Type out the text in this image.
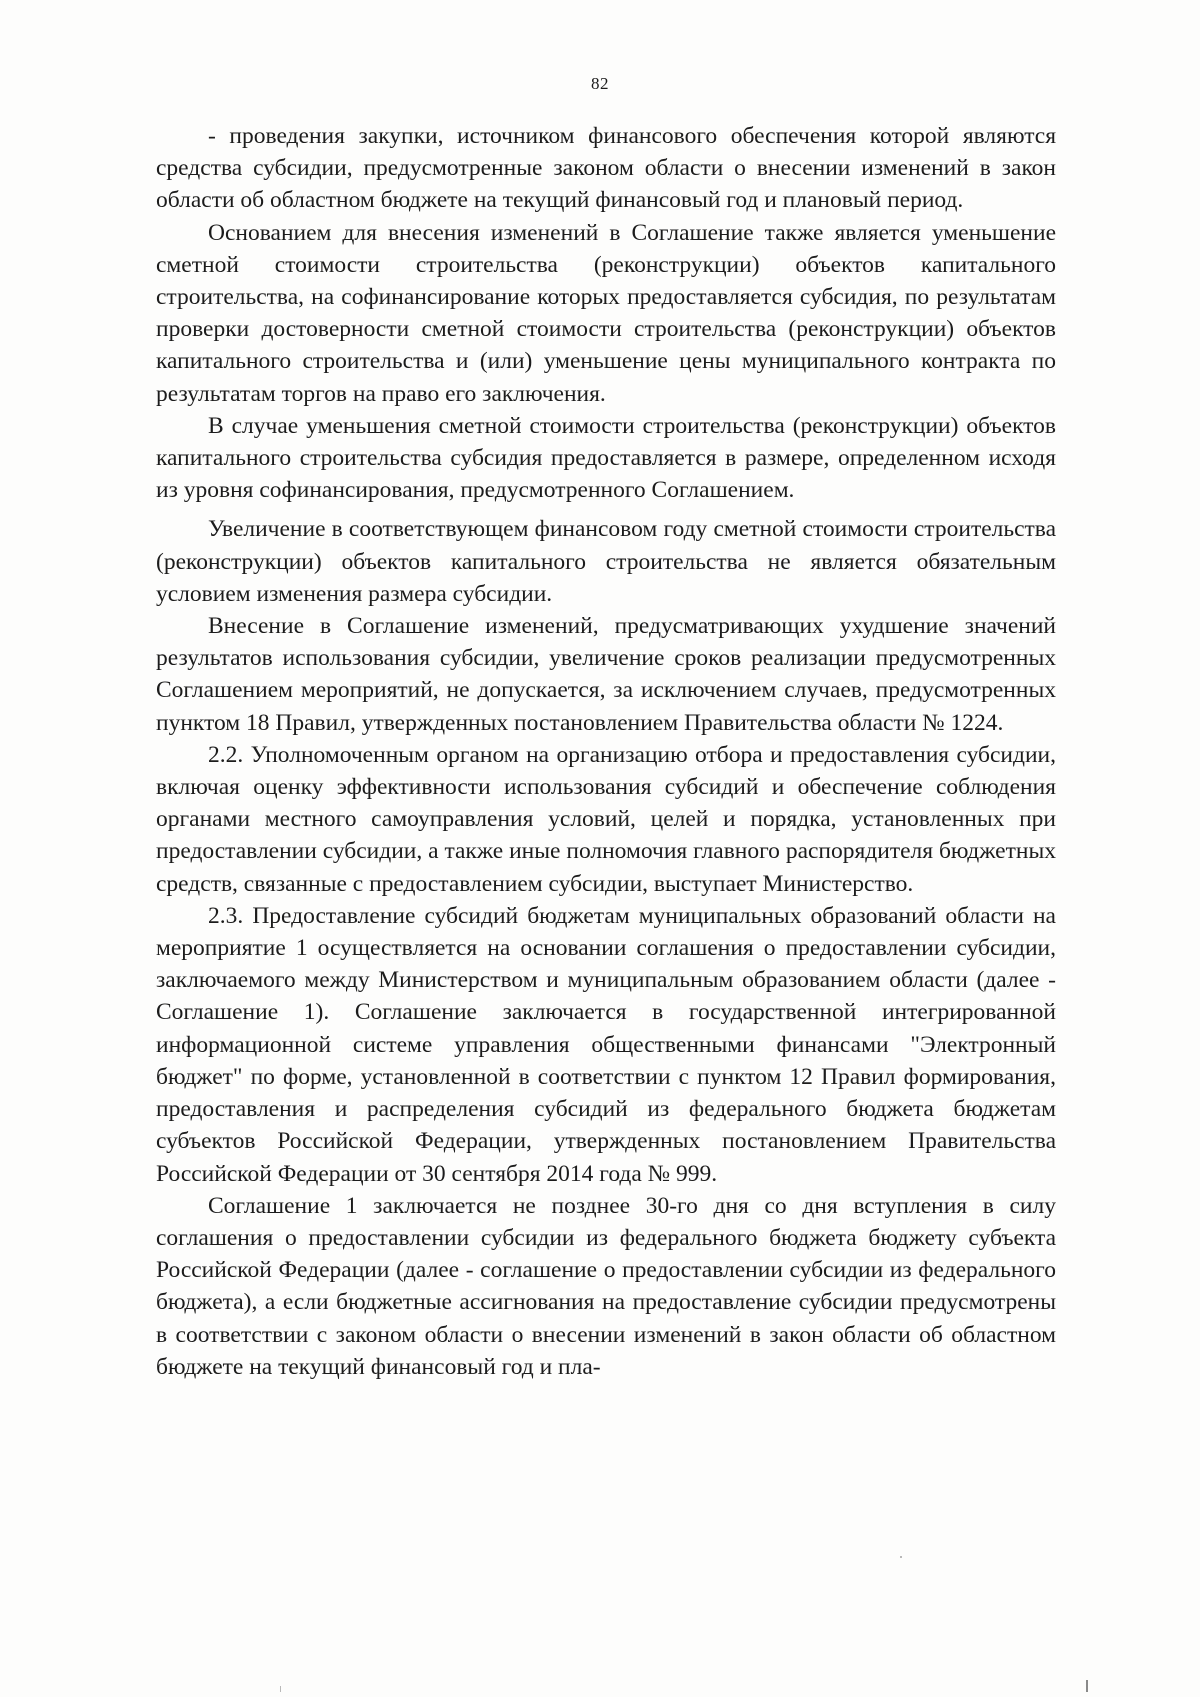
82

- проведения закупки, источником финансового обеспечения которой являются средства субсидии, предусмотренные законом области о внесении изменений в закон области об областном бюджете на текущий финансовый год и плановый период.

Основанием для внесения изменений в Соглашение также является уменьшение сметной стоимости строительства (реконструкции) объектов капитального строительства, на софинансирование которых предоставляется субсидия, по результатам проверки достоверности сметной стоимости строительства (реконструкции) объектов капитального строительства и (или) уменьшение цены муниципального контракта по результатам торгов на право его заключения.

В случае уменьшения сметной стоимости строительства (реконструкции) объектов капитального строительства субсидия предоставляется в размере, определенном исходя из уровня софинансирования, предусмотренного Соглашением.

Увеличение в соответствующем финансовом году сметной стоимости строительства (реконструкции) объектов капитального строительства не является обязательным условием изменения размера субсидии.

Внесение в Соглашение изменений, предусматривающих ухудшение значений результатов использования субсидии, увеличение сроков реализации предусмотренных Соглашением мероприятий, не допускается, за исключением случаев, предусмотренных пунктом 18 Правил, утвержденных постановлением Правительства области № 1224.

2.2. Уполномоченным органом на организацию отбора и предоставления субсидии, включая оценку эффективности использования субсидий и обеспечение соблюдения органами местного самоуправления условий, целей и порядка, установленных при предоставлении субсидии, а также иные полномочия главного распорядителя бюджетных средств, связанные с предоставлением субсидии, выступает Министерство.

2.3. Предоставление субсидий бюджетам муниципальных образований области на мероприятие 1 осуществляется на основании соглашения о предоставлении субсидии, заключаемого между Министерством и муниципальным образованием области (далее - Соглашение 1). Соглашение заключается в государственной интегрированной информационной системе управления общественными финансами "Электронный бюджет" по форме, установленной в соответствии с пунктом 12 Правил формирования, предоставления и распределения субсидий из федерального бюджета бюджетам субъектов Российской Федерации, утвержденных постановлением Правительства Российской Федерации от 30 сентября 2014 года № 999.

Соглашение 1 заключается не позднее 30-го дня со дня вступления в силу соглашения о предоставлении субсидии из федерального бюджета бюджету субъекта Российской Федерации (далее - соглашение о предоставлении субсидии из федерального бюджета), а если бюджетные ассигнования на предоставление субсидии предусмотрены в соответствии с законом области о внесении изменений в закон области об областном бюджете на текущий финансовый год и пла-
